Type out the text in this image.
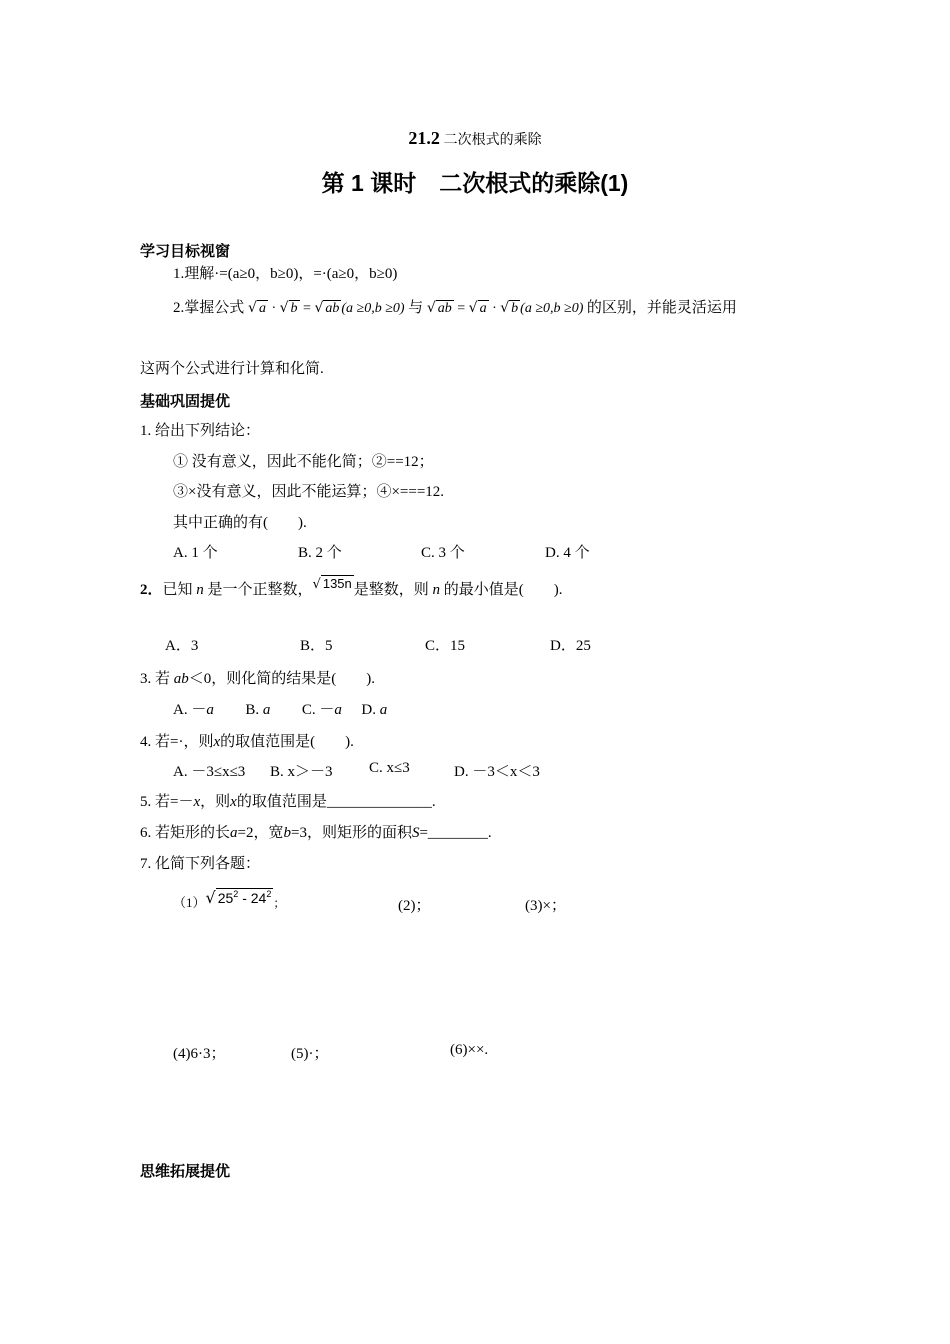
21.2 二次根式的乘除
第 1 课时　二次根式的乘除(1)
学习目标视窗
1.理解·=(a≥0，b≥0)，=·(a≥0，b≥0)
2.掌握公式 √ a · √ b = √ ab (a ≥0,b ≥0) 与 √ ab = √ a · √ b (a ≥0,b ≥0) 的区别，并能灵活运用
这两个公式进行计算和化简.
基础巩固提优
1. 给出下列结论：
① 没有意义，因此不能化简；②==12；
③×没有意义，因此不能运算；④×===12.
其中正确的有(　　).
A. 1 个	B. 2 个	C. 3 个	D. 4 个
2．已知 n 是一个正整数，√ 135n 是整数，则 n 的最小值是(　　).
A．3	B．5	C．15	D．25
3. 若 ab＜0，则化简的结果是(　　).
A. －a B. a C. －a D. a
4. 若=·，则x的取值范围是(　　).
A. －3≤x≤3 B. x＞－3 C. x≤3	D. －3＜x＜3
5. 若=－x，则x的取值范围是______________.
6. 若矩形的长a=2，宽b=3，则矩形的面积S=________.
7. 化简下列各题：
（1）√ $25^2 - 24^2$；	(2)；	(3)×；
(4)6·3；	(5)·；	(6)××.
思维拓展提优
